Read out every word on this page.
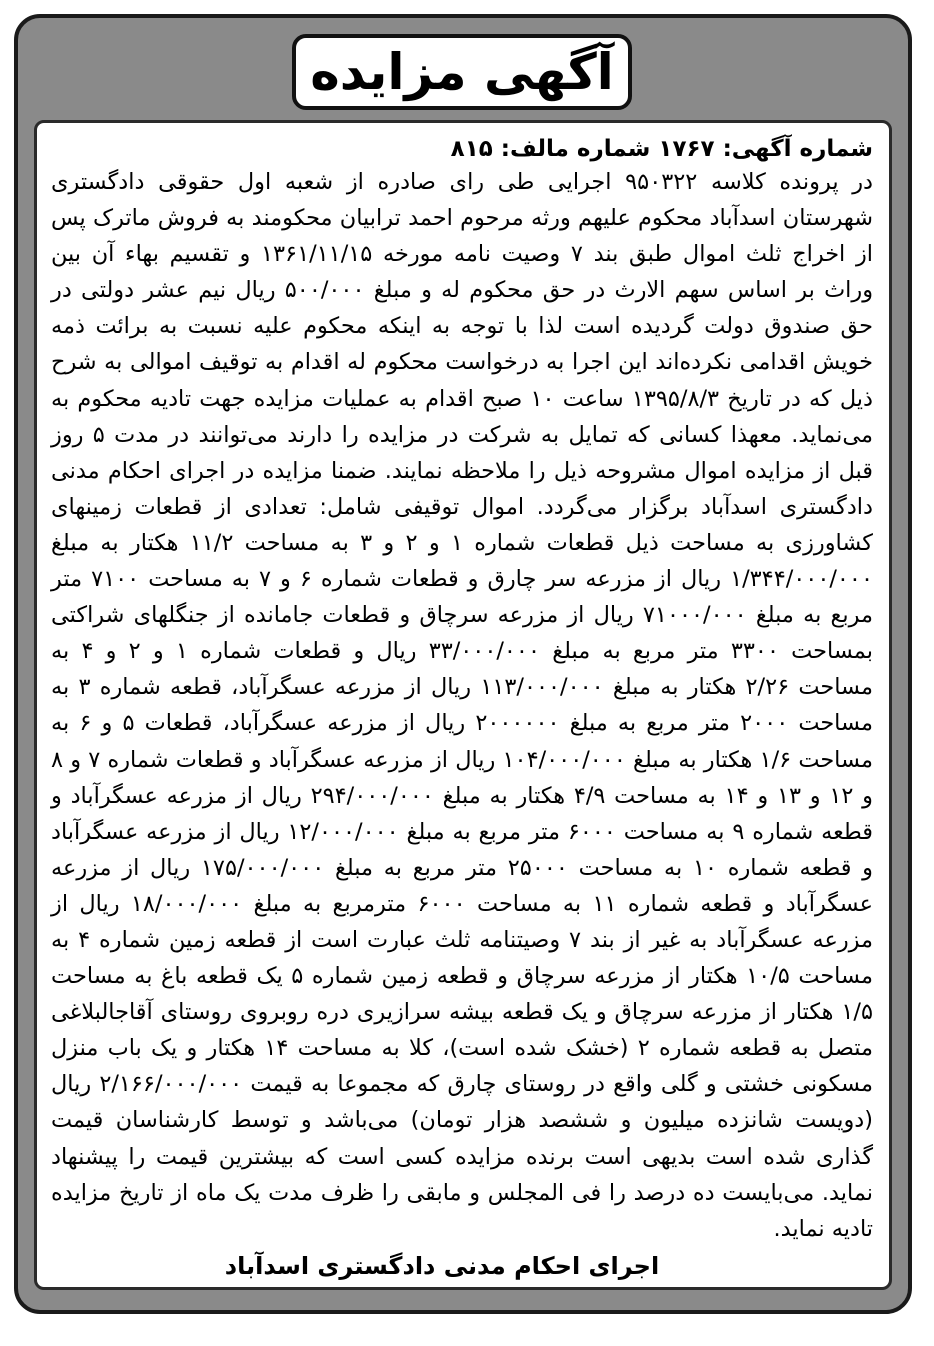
آگهی مزایده

شماره آگهی: ۱۷۶۷ شماره مالف: ۸۱۵

در پرونده کلاسه ۹۵۰۳۲۲ اجرایی طی رای صادره از شعبه اول حقوقی دادگستری شهرستان اسدآباد محکوم علیهم ورثه مرحوم احمد ترابیان محکومند به فروش ماترک پس از اخراج ثلث اموال طبق بند ۷ وصیت نامه مورخه ۱۳۶۱/۱۱/۱۵ و تقسیم بهاء آن بین وراث بر اساس سهم الارث در حق محکوم له و مبلغ ۵۰۰/۰۰۰ ریال نیم عشر دولتی در حق صندوق دولت گردیده است لذا با توجه به اینکه محکوم علیه نسبت به برائت ذمه خویش اقدامی نکرده‌اند این اجرا به درخواست محکوم له اقدام به توقیف اموالی به شرح ذیل که در تاریخ ۱۳۹۵/۸/۳ ساعت ۱۰ صبح اقدام به عملیات مزایده جهت تادیه محکوم به می‌نماید. معهذا کسانی که تمایل به شرکت در مزایده را دارند می‌توانند در مدت ۵ روز قبل از مزایده اموال مشروحه ذیل را ملاحظه نمایند. ضمنا مزایده در اجرای احکام مدنی دادگستری اسدآباد برگزار می‌گردد. اموال توقیفی شامل: تعدادی از قطعات زمینهای کشاورزی به مساحت ذیل قطعات شماره ۱ و ۲ و ۳ به مساحت ۱۱/۲ هکتار به مبلغ ۱/۳۴۴/۰۰۰/۰۰۰ ریال از مزرعه سر چارق و قطعات شماره ۶ و ۷ به مساحت ۷۱۰۰ متر مربع به مبلغ ۷۱۰۰۰/۰۰۰ ریال از مزرعه سرچاق و قطعات جامانده از جنگلهای شراکتی بمساحت ۳۳۰۰ متر مربع به مبلغ ۳۳/۰۰۰/۰۰۰ ریال و قطعات شماره ۱ و ۲ و ۴ به مساحت ۲/۲۶ هکتار به مبلغ ۱۱۳/۰۰۰/۰۰۰ ریال از مزرعه عسگرآباد، قطعه شماره ۳ به مساحت ۲۰۰۰ متر مربع به مبلغ ۲۰۰۰۰۰۰ ریال از مزرعه عسگرآباد، قطعات ۵ و ۶ به مساحت ۱/۶ هکتار به مبلغ ۱۰۴/۰۰۰/۰۰۰ ریال از مزرعه عسگرآباد و قطعات شماره ۷ و ۸ و ۱۲ و ۱۳ و ۱۴ به مساحت ۴/۹ هکتار به مبلغ ۲۹۴/۰۰۰/۰۰۰ ریال از مزرعه عسگرآباد و قطعه شماره ۹ به مساحت ۶۰۰۰ متر مربع به مبلغ ۱۲/۰۰۰/۰۰۰ ریال از مزرعه عسگرآباد و قطعه شماره ۱۰ به مساحت ۲۵۰۰۰ متر مربع به مبلغ ۱۷۵/۰۰۰/۰۰۰ ریال از مزرعه عسگرآباد و قطعه شماره ۱۱ به مساحت ۶۰۰۰ مترمربع به مبلغ ۱۸/۰۰۰/۰۰۰ ریال از مزرعه عسگرآباد به غیر از بند ۷ وصیتنامه ثلث عبارت است از قطعه زمین شماره ۴ به مساحت ۱۰/۵ هکتار از مزرعه سرچاق و قطعه زمین شماره ۵ یک قطعه باغ به مساحت ۱/۵ هکتار از مزرعه سرچاق و یک قطعه بیشه سرازیری دره روبروی روستای آقاجالبلاغی متصل به قطعه شماره ۲ (خشک شده است)، کلا به مساحت ۱۴ هکتار و یک باب منزل مسکونی خشتی و گلی واقع در روستای چارق که مجموعا به قیمت ۲/۱۶۶/۰۰۰/۰۰۰ ریال (دویست شانزده میلیون و ششصد هزار تومان) می‌باشد و توسط کارشناسان قیمت گذاری شده است بدیهی است برنده مزایده کسی است که بیشترین قیمت را پیشنهاد نماید. می‌بایست ده درصد را فی المجلس و مابقی را ظرف مدت یک ماه از تاریخ مزایده تادیه نماید.

اجرای احکام مدنی دادگستری اسدآباد
